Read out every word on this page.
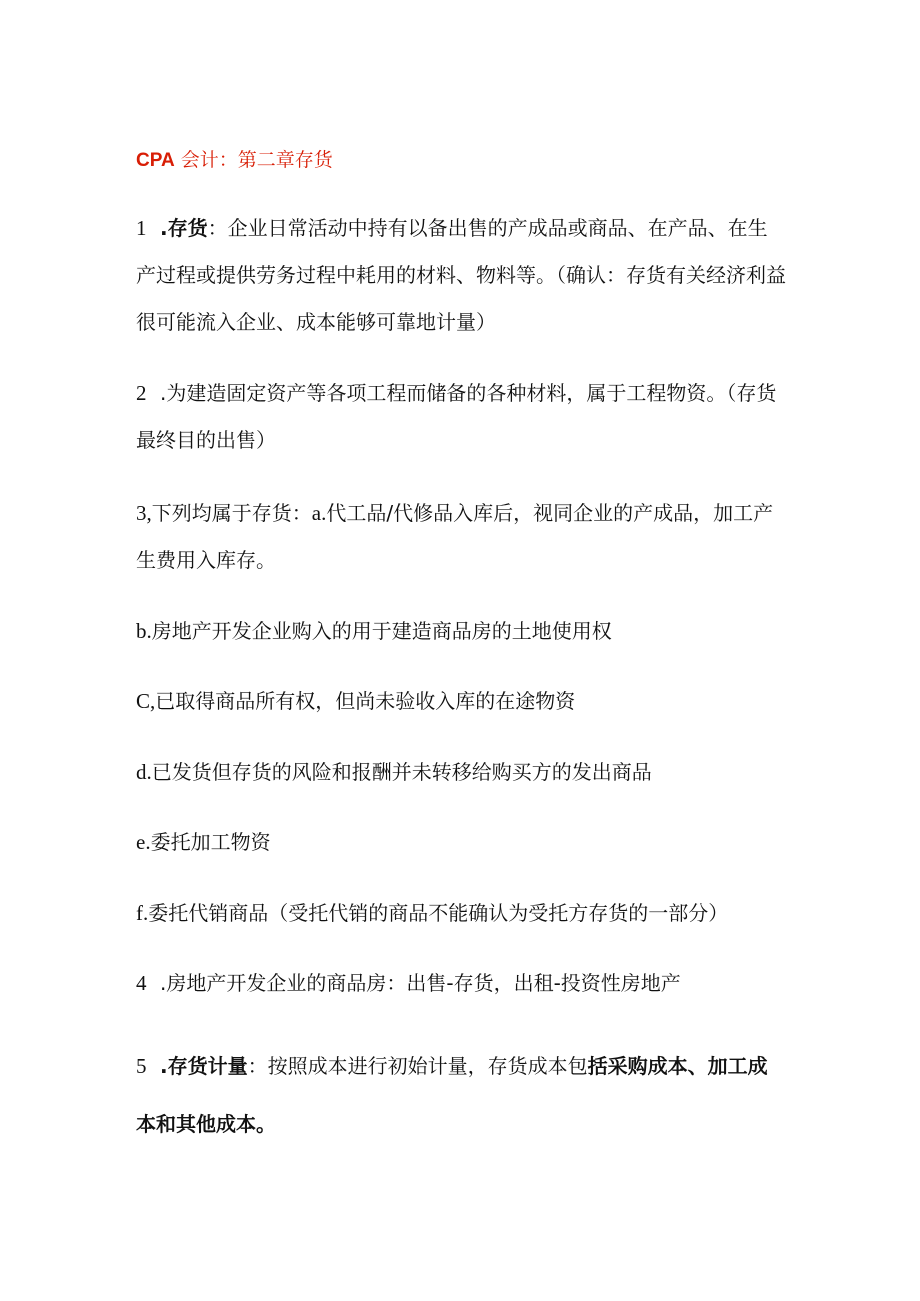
CPA 会计：第二章存货
1 .存货：企业日常活动中持有以备出售的产成品或商品、在产品、在生产过程或提供劳务过程中耗用的材料、物料等。（确认：存货有关经济利益很可能流入企业、成本能够可靠地计量）
2 .为建造固定资产等各项工程而储备的各种材料，属于工程物资。（存货最终目的出售）
3,下列均属于存货：a.代工品/代修品入库后，视同企业的产成品，加工产生费用入库存。
b.房地产开发企业购入的用于建造商品房的土地使用权
C,已取得商品所有权，但尚未验收入库的在途物资
d.已发货但存货的风险和报酬并未转移给购买方的发出商品
e.委托加工物资
f.委托代销商品（受托代销的商品不能确认为受托方存货的一部分）
4 .房地产开发企业的商品房：出售-存货，出租-投资性房地产
5 .存货计量：按照成本进行初始计量，存货成本包括采购成本、加工成本和其他成本。
